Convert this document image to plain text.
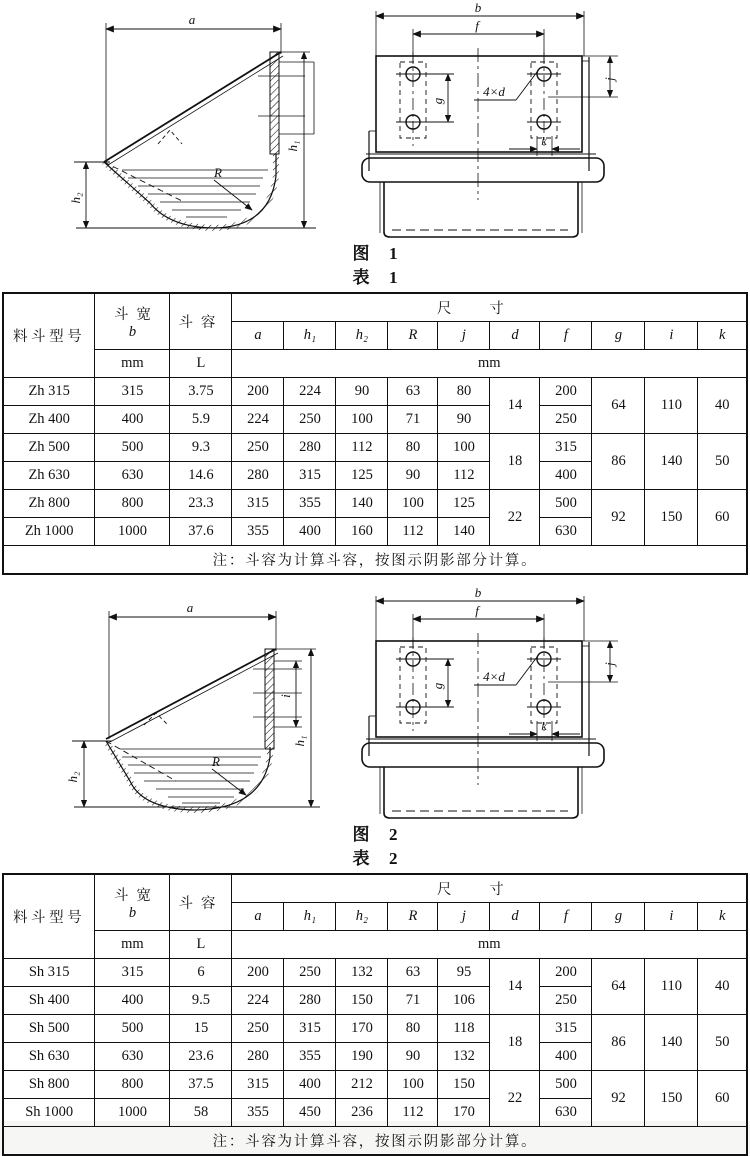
a
h₂
h₁
R
b
f
g
j
k
4×d
图 1
表 1
料斗型号	斗宽
b	斗容	尺寸									
			a	h₁	h₂	R	j	d	f	g	i	k
	mm	L	mm									
Zh 315	315	3.75	200	224	90	63	80	14	200	64	110	40
Zh 400	400	5.9	224	250	100	71	90		250			
Zh 500	500	9.3	250	280	112	80	100	18	315	86	140	50
Zh 630	630	14.6	280	315	125	90	112		400			
Zh 800	800	23.3	315	355	140	100	125	22	500	92	150	60
Zh 1000	1000	37.6	355	400	160	112	140		630			
注：斗容为计算斗容，按图示阴影部分计算。												
a
h₂
h₁
i
R
b
f
g
j
k
4×d
图 2
表 2
料斗型号	斗宽
b	斗容	尺寸									
			a	h₁	h₂	R	j	d	f	g	i	k
	mm	L	mm									
Sh 315	315	6	200	250	132	63	95	14	200	64	110	40
Sh 400	400	9.5	224	280	150	71	106		250			
Sh 500	500	15	250	315	170	80	118	18	315	86	140	50
Sh 630	630	23.6	280	355	190	90	132		400			
Sh 800	800	37.5	315	400	212	100	150	22	500	92	150	60
Sh 1000	1000	58	355	450	236	112	170		630			
注：斗容为计算斗容，按图示阴影部分计算。												
